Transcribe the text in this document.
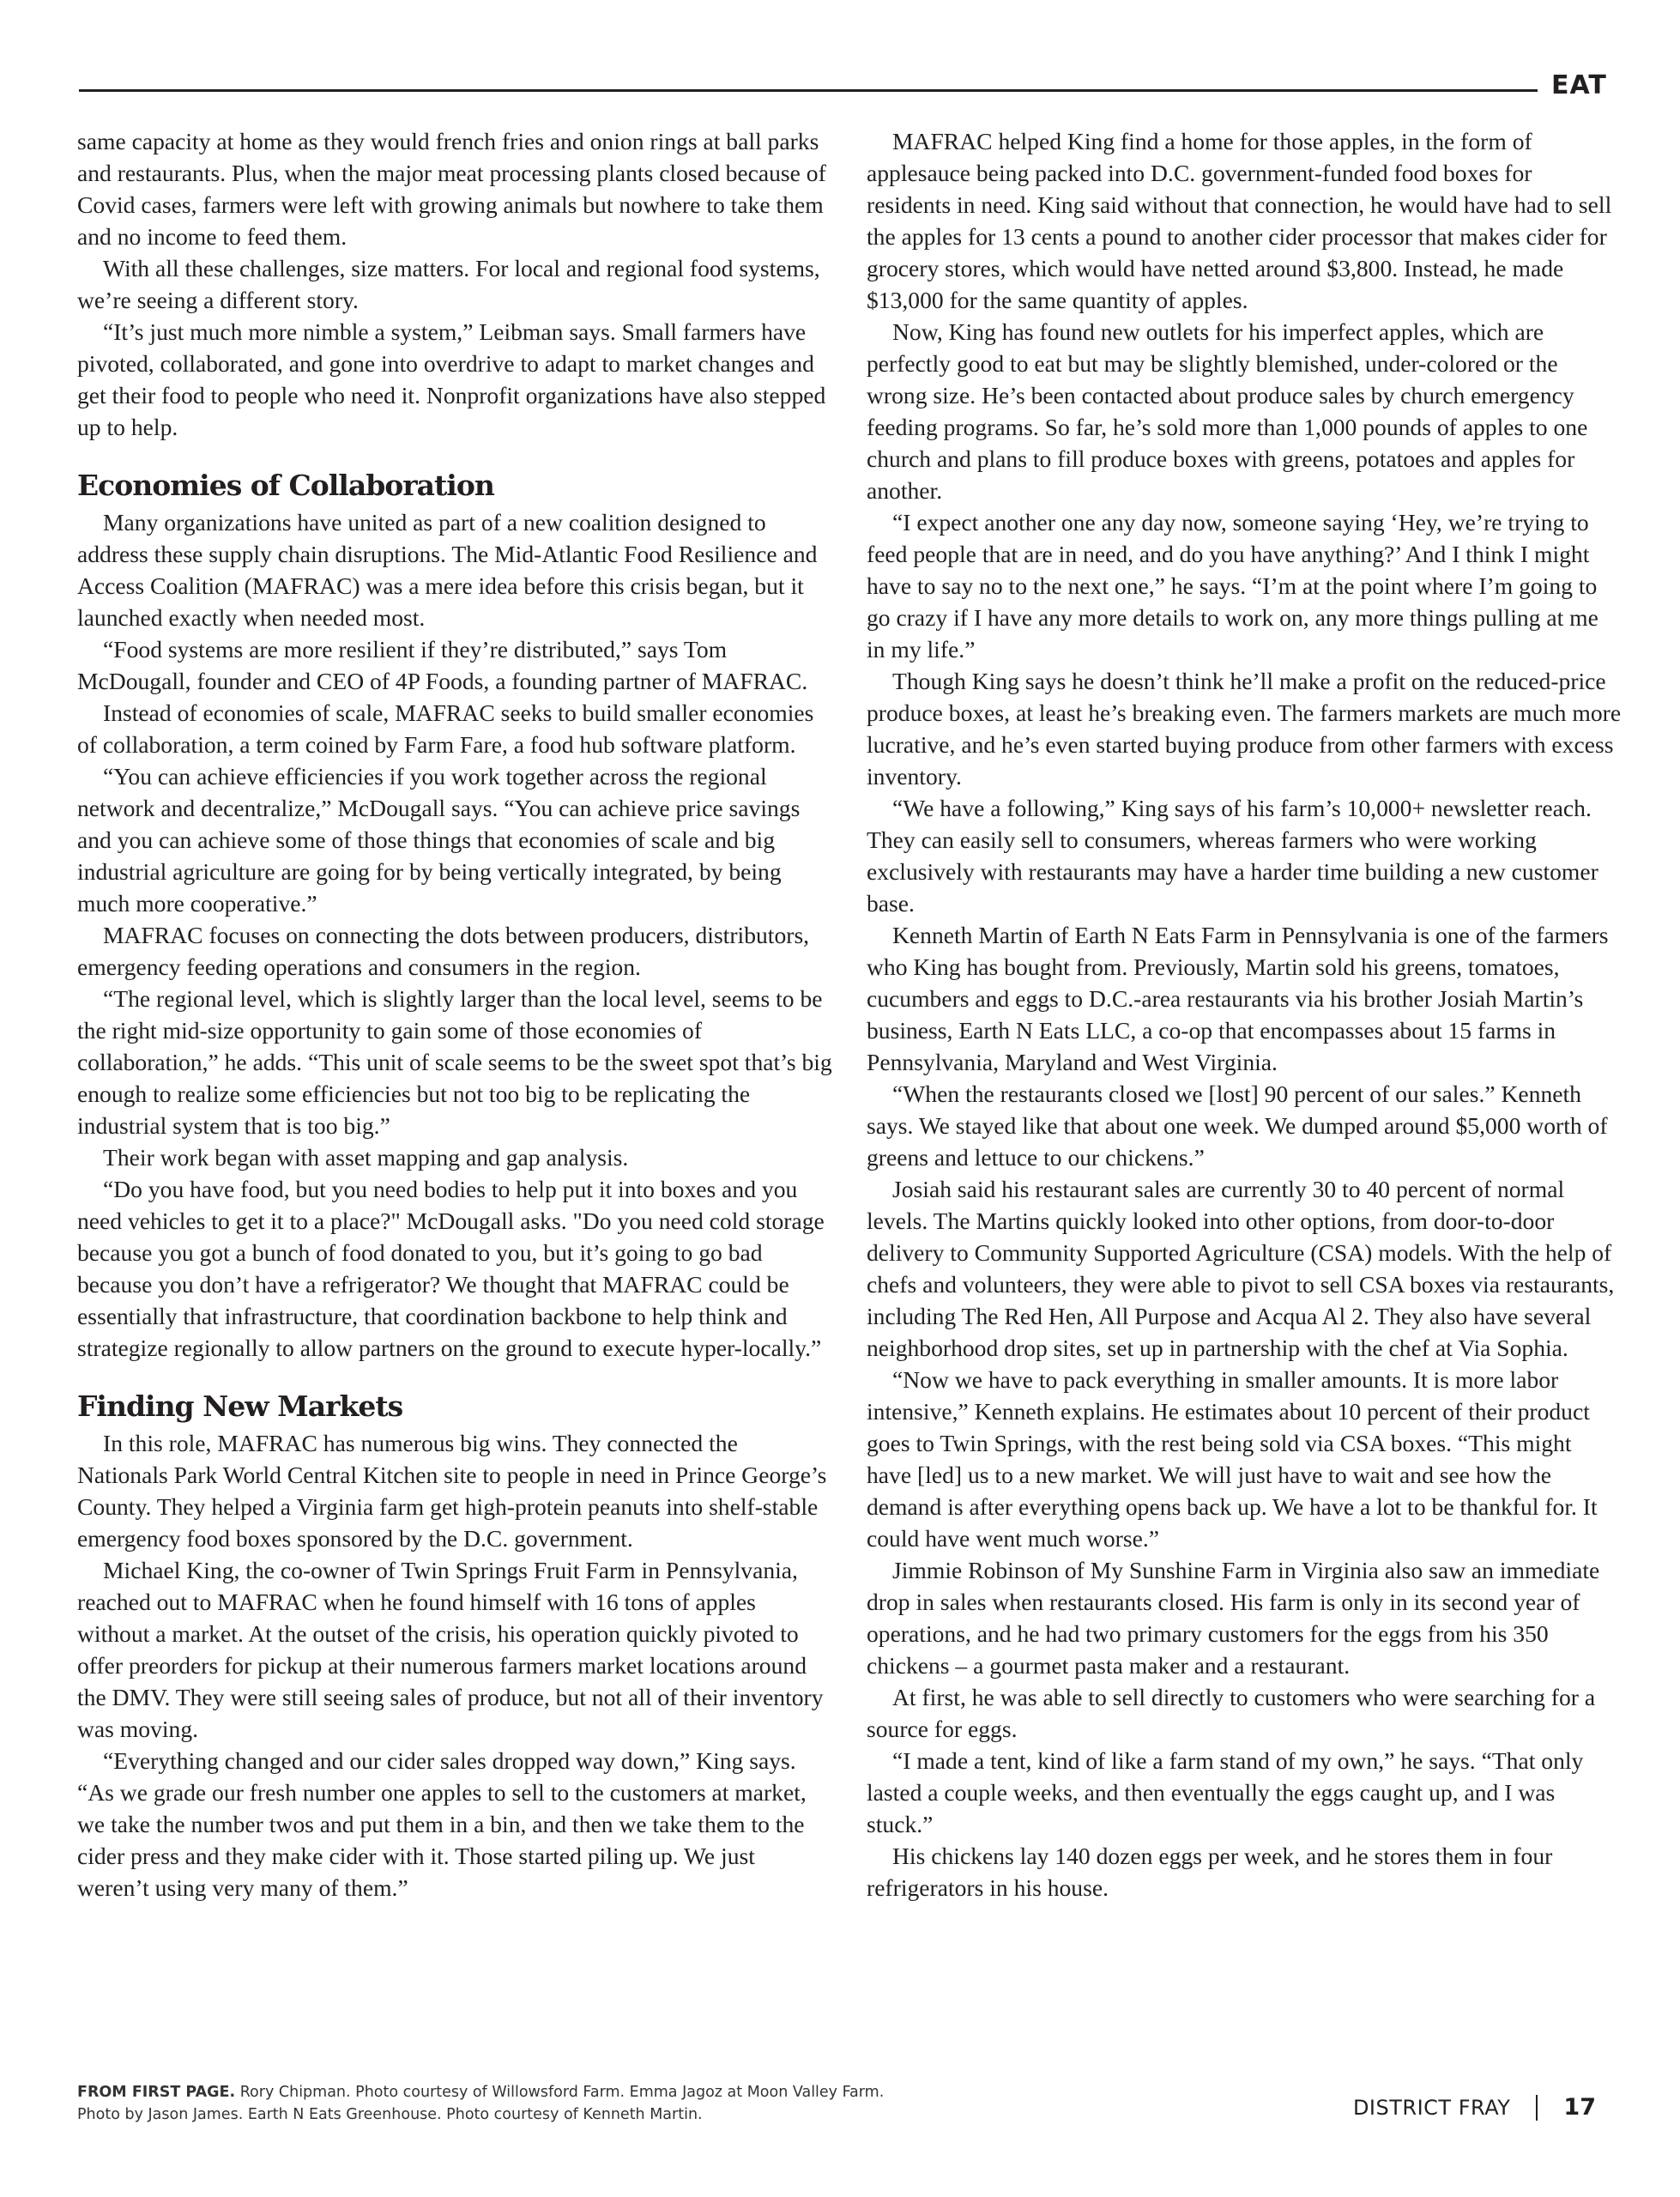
EAT

same capacity at home as they would french fries and onion rings at ball parks and restaurants. Plus, when the major meat processing plants closed because of Covid cases, farmers were left with growing animals but nowhere to take them and no income to feed them.

With all these challenges, size matters. For local and regional food systems, we’re seeing a different story.

“It’s just much more nimble a system,” Leibman says. Small farmers have pivoted, collaborated, and gone into overdrive to adapt to market changes and get their food to people who need it. Nonprofit organizations have also stepped up to help.

Economies of Collaboration

Many organizations have united as part of a new coalition designed to address these supply chain disruptions. The Mid-Atlantic Food Resilience and Access Coalition (MAFRAC) was a mere idea before this crisis began, but it launched exactly when needed most.

“Food systems are more resilient if they’re distributed,” says Tom McDougall, founder and CEO of 4P Foods, a founding partner of MAFRAC.

Instead of economies of scale, MAFRAC seeks to build smaller economies of collaboration, a term coined by Farm Fare, a food hub software platform.

“You can achieve efficiencies if you work together across the regional network and decentralize,” McDougall says. “You can achieve price savings and you can achieve some of those things that economies of scale and big industrial agriculture are going for by being vertically integrated, by being much more cooperative.”

MAFRAC focuses on connecting the dots between producers, distributors, emergency feeding operations and consumers in the region.

“The regional level, which is slightly larger than the local level, seems to be the right mid-size opportunity to gain some of those economies of collaboration,” he adds. “This unit of scale seems to be the sweet spot that’s big enough to realize some efficiencies but not too big to be replicating the industrial system that is too big.”

Their work began with asset mapping and gap analysis.

“Do you have food, but you need bodies to help put it into boxes and you need vehicles to get it to a place?" McDougall asks. "Do you need cold storage because you got a bunch of food donated to you, but it’s going to go bad because you don’t have a refrigerator? We thought that MAFRAC could be essentially that infrastructure, that coordination backbone to help think and strategize regionally to allow partners on the ground to execute hyper-locally.”

Finding New Markets

In this role, MAFRAC has numerous big wins. They connected the Nationals Park World Central Kitchen site to people in need in Prince George’s County. They helped a Virginia farm get high-protein peanuts into shelf-stable emergency food boxes sponsored by the D.C. government.

Michael King, the co-owner of Twin Springs Fruit Farm in Pennsylvania, reached out to MAFRAC when he found himself with 16 tons of apples without a market. At the outset of the crisis, his operation quickly pivoted to offer preorders for pickup at their numerous farmers market locations around the DMV. They were still seeing sales of produce, but not all of their inventory was moving.

“Everything changed and our cider sales dropped way down,” King says. “As we grade our fresh number one apples to sell to the customers at market, we take the number twos and put them in a bin, and then we take them to the cider press and they make cider with it. Those started piling up. We just weren’t using very many of them.”

MAFRAC helped King find a home for those apples, in the form of applesauce being packed into D.C. government-funded food boxes for residents in need. King said without that connection, he would have had to sell the apples for 13 cents a pound to another cider processor that makes cider for grocery stores, which would have netted around $3,800. Instead, he made $13,000 for the same quantity of apples.

Now, King has found new outlets for his imperfect apples, which are perfectly good to eat but may be slightly blemished, under-colored or the wrong size. He’s been contacted about produce sales by church emergency feeding programs. So far, he’s sold more than 1,000 pounds of apples to one church and plans to fill produce boxes with greens, potatoes and apples for another.

“I expect another one any day now, someone saying ‘Hey, we’re trying to feed people that are in need, and do you have anything?’ And I think I might have to say no to the next one,” he says. “I’m at the point where I’m going to go crazy if I have any more details to work on, any more things pulling at me in my life.”

Though King says he doesn’t think he’ll make a profit on the reduced-price produce boxes, at least he’s breaking even. The farmers markets are much more lucrative, and he’s even started buying produce from other farmers with excess inventory.

“We have a following,” King says of his farm’s 10,000+ newsletter reach. They can easily sell to consumers, whereas farmers who were working exclusively with restaurants may have a harder time building a new customer base.

Kenneth Martin of Earth N Eats Farm in Pennsylvania is one of the farmers who King has bought from. Previously, Martin sold his greens, tomatoes, cucumbers and eggs to D.C.-area restaurants via his brother Josiah Martin’s business, Earth N Eats LLC, a co-op that encompasses about 15 farms in Pennsylvania, Maryland and West Virginia.

“When the restaurants closed we [lost] 90 percent of our sales.” Kenneth says. We stayed like that about one week. We dumped around $5,000 worth of greens and lettuce to our chickens.”

Josiah said his restaurant sales are currently 30 to 40 percent of normal levels. The Martins quickly looked into other options, from door-to-door delivery to Community Supported Agriculture (CSA) models. With the help of chefs and volunteers, they were able to pivot to sell CSA boxes via restaurants, including The Red Hen, All Purpose and Acqua Al 2. They also have several neighborhood drop sites, set up in partnership with the chef at Via Sophia.

“Now we have to pack everything in smaller amounts. It is more labor intensive,” Kenneth explains. He estimates about 10 percent of their product goes to Twin Springs, with the rest being sold via CSA boxes. “This might have [led] us to a new market. We will just have to wait and see how the demand is after everything opens back up. We have a lot to be thankful for. It could have went much worse.”

Jimmie Robinson of My Sunshine Farm in Virginia also saw an immediate drop in sales when restaurants closed. His farm is only in its second year of operations, and he had two primary customers for the eggs from his 350 chickens – a gourmet pasta maker and a restaurant.

At first, he was able to sell directly to customers who were searching for a source for eggs.

“I made a tent, kind of like a farm stand of my own,” he says. “That only lasted a couple weeks, and then eventually the eggs caught up, and I was stuck.”

His chickens lay 140 dozen eggs per week, and he stores them in four refrigerators in his house.

FROM FIRST PAGE. Rory Chipman. Photo courtesy of Willowsford Farm. Emma Jagoz at Moon Valley Farm.
Photo by Jason James. Earth N Eats Greenhouse. Photo courtesy of Kenneth Martin.	DISTRICT FRAY 17
